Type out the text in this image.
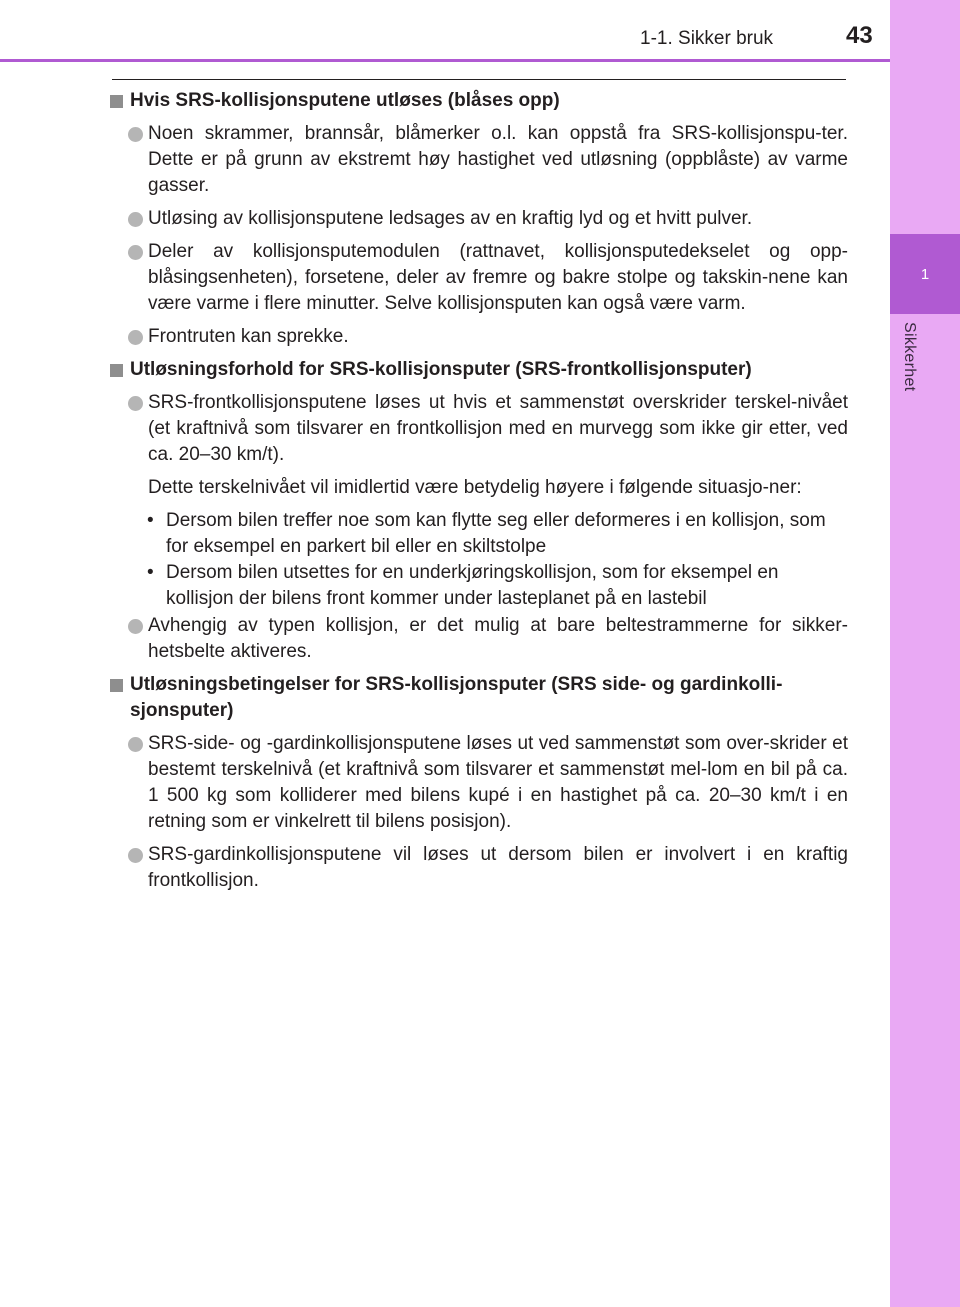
1
Sikkerhet
1-1. Sikker bruk	43
Hvis SRS-kollisjonsputene utløses (blåses opp)
Noen skrammer, brannsår, blåmerker o.l. kan oppstå fra SRS-kollisjonspu-ter. Dette er på grunn av ekstremt høy hastighet ved utløsning (oppblåste) av varme gasser.
Utløsing av kollisjonsputene ledsages av en kraftig lyd og et hvitt pulver.
Deler av kollisjonsputemodulen (rattnavet, kollisjonsputedekselet og opp-blåsingsenheten), forsetene, deler av fremre og bakre stolpe og takskin-nene kan være varme i flere minutter. Selve kollisjonsputen kan også være varm.
Frontruten kan sprekke.
Utløsningsforhold for SRS-kollisjonsputer (SRS-frontkollisjonsputer)
SRS-frontkollisjonsputene løses ut hvis et sammenstøt overskrider terskel-nivået (et kraftnivå som tilsvarer en frontkollisjon med en murvegg som ikke gir etter, ved ca. 20–30 km/t).
Dette terskelnivået vil imidlertid være betydelig høyere i følgende situasjo-ner:
• Dersom bilen treffer noe som kan flytte seg eller deformeres i en kollisjon, som for eksempel en parkert bil eller en skiltstolpe
• Dersom bilen utsettes for en underkjøringskollisjon, som for eksempel en kollisjon der bilens front kommer under lasteplanet på en lastebil
Avhengig av typen kollisjon, er det mulig at bare beltestrammerne for sikker-hetsbelte aktiveres.
Utløsningsbetingelser for SRS-kollisjonsputer (SRS side- og gardinkolli-sjonsputer)
SRS-side- og -gardinkollisjonsputene løses ut ved sammenstøt som over-skrider et bestemt terskelnivå (et kraftnivå som tilsvarer et sammenstøt mel-lom en bil på ca. 1 500 kg som kolliderer med bilens kupé i en hastighet på ca. 20–30 km/t i en retning som er vinkelrett til bilens posisjon).
SRS-gardinkollisjonsputene vil løses ut dersom bilen er involvert i en kraftig frontkollisjon.
